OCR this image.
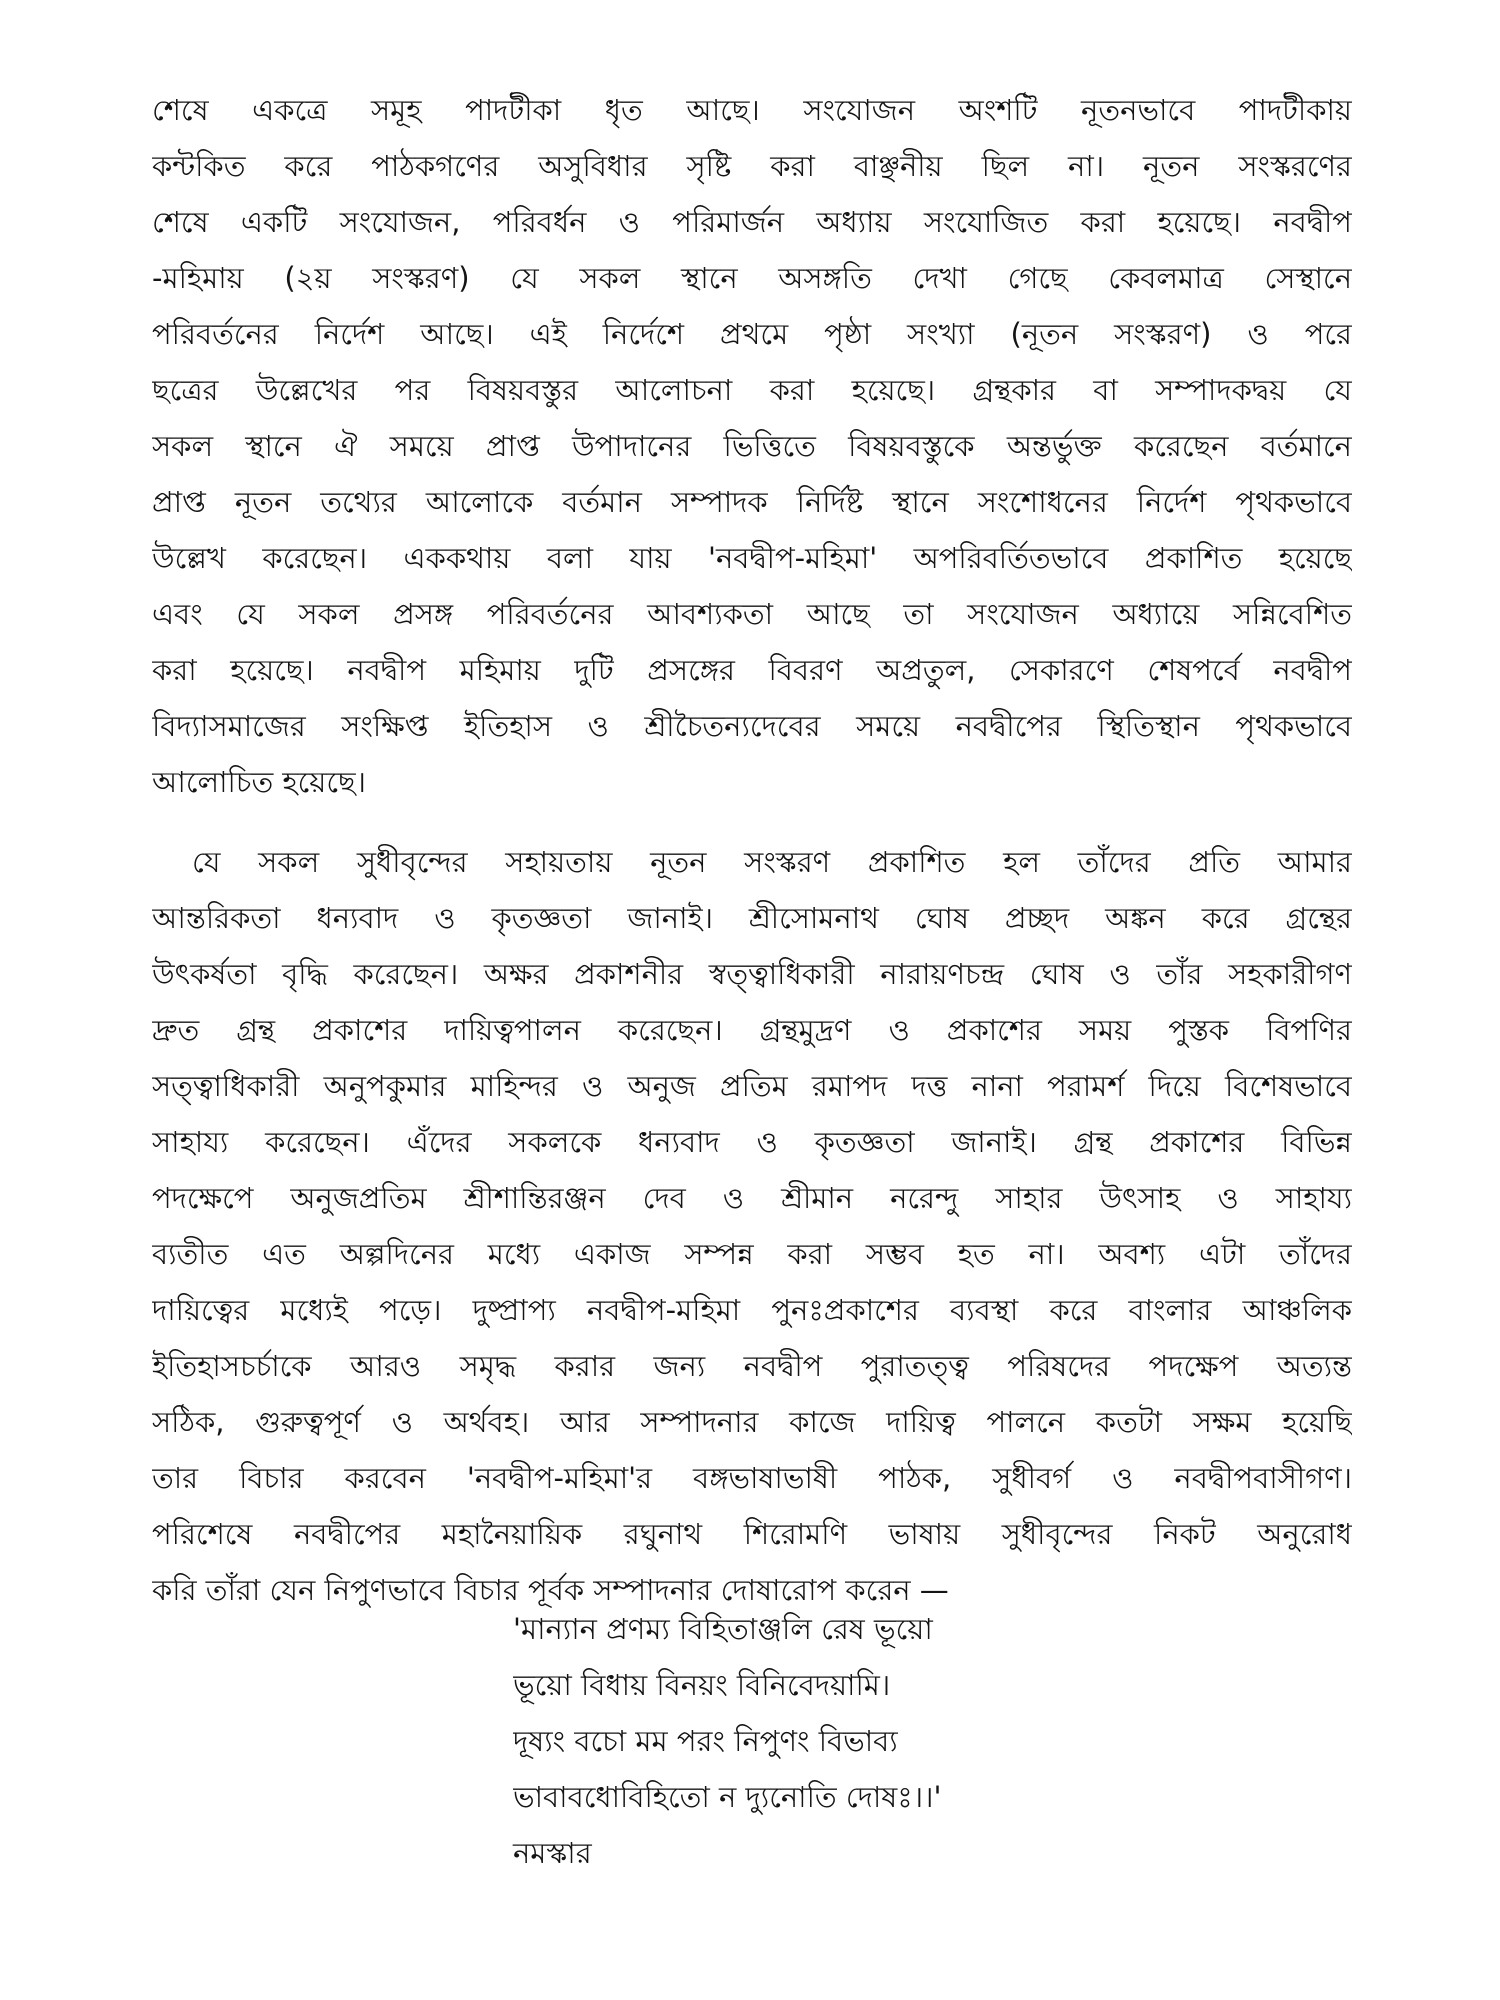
শেষে একত্রে সমূহ পাদটীকা ধৃত আছে। সংযোজন অংশটি নূতনভাবে পাদটীকায়
কন্টকিত করে পাঠকগণের অসুবিধার সৃষ্টি করা বাঞ্ছনীয় ছিল না। নূতন সংস্করণের
শেষে একটি সংযোজন, পরিবর্ধন ও পরিমার্জন অধ্যায় সংযোজিত করা হয়েছে। নবদ্বীপ
-মহিমায় (২য় সংস্করণ) যে সকল স্থানে অসঙ্গতি দেখা গেছে কেবলমাত্র সেস্থানে
পরিবর্তনের নির্দেশ আছে। এই নির্দেশে প্রথমে পৃষ্ঠা সংখ্যা (নূতন সংস্করণ) ও পরে
ছত্রের উল্লেখের পর বিষয়বস্তুর আলোচনা করা হয়েছে। গ্রন্থকার বা সম্পাদকদ্বয় যে
সকল স্থানে ঐ সময়ে প্রাপ্ত উপাদানের ভিত্তিতে বিষয়বস্তুকে অন্তর্ভুক্ত করেছেন বর্তমানে
প্রাপ্ত নূতন তথ্যের আলোকে বর্তমান সম্পাদক নির্দিষ্ট স্থানে সংশোধনের নির্দেশ পৃথকভাবে
উল্লেখ করেছেন। এককথায় বলা যায় 'নবদ্বীপ-মহিমা' অপরিবর্তিতভাবে প্রকাশিত হয়েছে
এবং যে সকল প্রসঙ্গ পরিবর্তনের আবশ্যকতা আছে তা সংযোজন অধ্যায়ে সন্নিবেশিত
করা হয়েছে। নবদ্বীপ মহিমায় দুটি প্রসঙ্গের বিবরণ অপ্রতুল, সেকারণে শেষপর্বে নবদ্বীপ
বিদ্যাসমাজের সংক্ষিপ্ত ইতিহাস ও শ্রীচৈতন্যদেবের সময়ে নবদ্বীপের স্থিতিস্থান পৃথকভাবে
আলোচিত হয়েছে।
যে সকল সুধীবৃন্দের সহায়তায় নূতন সংস্করণ প্রকাশিত হল তাঁদের প্রতি আমার
আন্তরিকতা ধন্যবাদ ও কৃতজ্ঞতা জানাই। শ্রীসোমনাথ ঘোষ প্রচ্ছদ অঙ্কন করে গ্রন্থের
উৎকর্ষতা বৃদ্ধি করেছেন। অক্ষর প্রকাশনীর স্বত্ত্বাধিকারী নারায়ণচন্দ্র ঘোষ ও তাঁর সহকারীগণ
দ্রুত গ্রন্থ প্রকাশের দায়িত্বপালন করেছেন। গ্রন্থমুদ্রণ ও প্রকাশের সময় পুস্তক বিপণির
সত্ত্বাধিকারী অনুপকুমার মাহিন্দর ও অনুজ প্রতিম রমাপদ দত্ত নানা পরামর্শ দিয়ে বিশেষভাবে
সাহায্য করেছেন। এঁদের সকলকে ধন্যবাদ ও কৃতজ্ঞতা জানাই। গ্রন্থ প্রকাশের বিভিন্ন
পদক্ষেপে অনুজপ্রতিম শ্রীশান্তিরঞ্জন দেব ও শ্রীমান নরেন্দু সাহার উৎসাহ ও সাহায্য
ব্যতীত এত অল্পদিনের মধ্যে একাজ সম্পন্ন করা সম্ভব হত না। অবশ্য এটা তাঁদের
দায়িত্বের মধ্যেই পড়ে। দুষ্প্রাপ্য নবদ্বীপ-মহিমা পুনঃপ্রকাশের ব্যবস্থা করে বাংলার আঞ্চলিক
ইতিহাসচর্চাকে আরও সমৃদ্ধ করার জন্য নবদ্বীপ পুরাতত্ত্ব পরিষদের পদক্ষেপ অত্যন্ত
সঠিক, গুরুত্বপূর্ণ ও অর্থবহ। আর সম্পাদনার কাজে দায়িত্ব পালনে কতটা সক্ষম হয়েছি
তার বিচার করবেন 'নবদ্বীপ-মহিমা'র বঙ্গভাষাভাষী পাঠক, সুধীবর্গ ও নবদ্বীপবাসীগণ।
পরিশেষে নবদ্বীপের মহানৈয়ায়িক রঘুনাথ শিরোমণি ভাষায় সুধীবৃন্দের নিকট অনুরোধ
করি তাঁরা যেন নিপুণভাবে বিচার পূর্বক সম্পাদনার দোষারোপ করেন —
'মান্যান প্রণম্য বিহিতাঞ্জলি রেষ ভূয়ো
ভূয়ো বিধায় বিনয়ং বিনিবেদয়ামি।
দূষ্যং বচো মম পরং নিপুণং বিভাব্য
ভাবাবধোবিহিতো ন দ্যুনোতি দোষঃ।।'
নমস্কার
